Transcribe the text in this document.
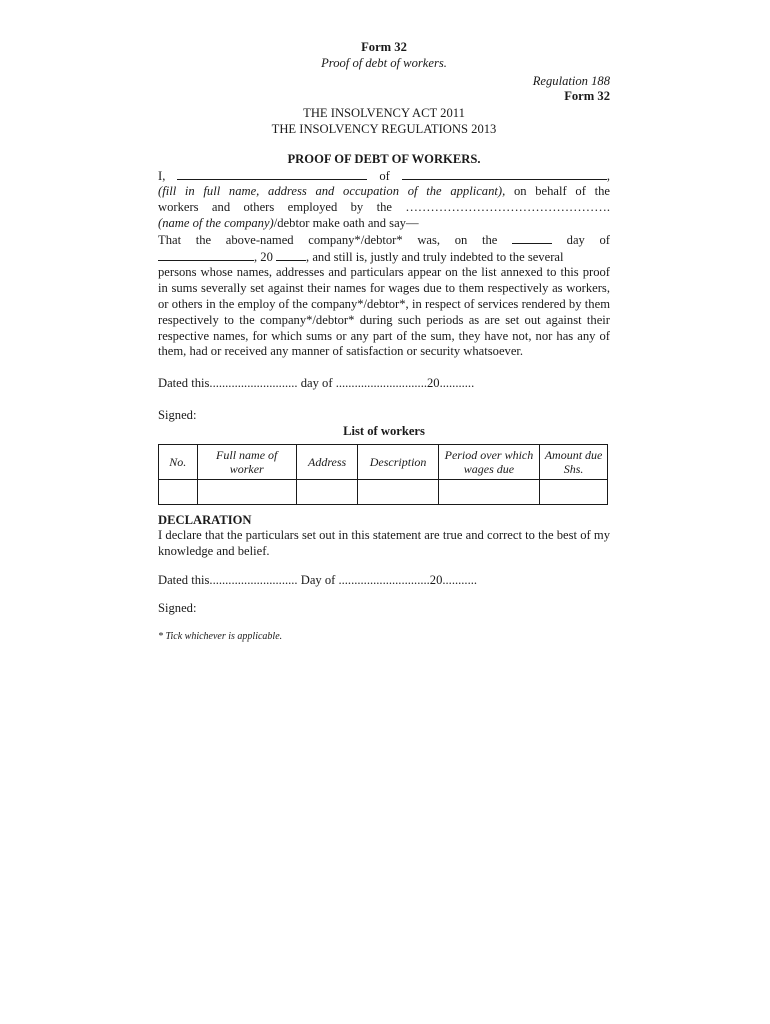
Form 32

Proof of debt of workers.

Regulation 188

Form 32

THE INSOLVENCY ACT 2011

THE INSOLVENCY REGULATIONS 2013

PROOF OF DEBT OF WORKERS.

I,	of	,

(fill in full name, address and occupation of the applicant), on behalf of the

workers and others employed by the ………………………………………….

(name of the company)/debtor make oath and say—

That the above-named company*/debtor* was, on the	day of

, 20	, and still is, justly and truly indebted to the several

persons whose names, addresses and particulars appear on the list annexed to this proof in sums severally set against their names for wages due to them respectively as workers, or others in the employ of the company*/debtor*, in respect of services rendered by them respectively to the company*/debtor* during such periods as are set out against their respective names, for which sums or any part of the sum, they have not, nor has any of them, had or received any manner of satisfaction or security whatsoever.

Dated this............................ day of .............................20...........

Signed:

List of workers

No.	Full name of worker	Address	Description	Period over which wages due	Amount due Shs.

DECLARATION

I declare that the particulars set out in this statement are true and correct to the best of my knowledge and belief.

Dated this............................ Day of .............................20...........

Signed:

* Tick whichever is applicable.
